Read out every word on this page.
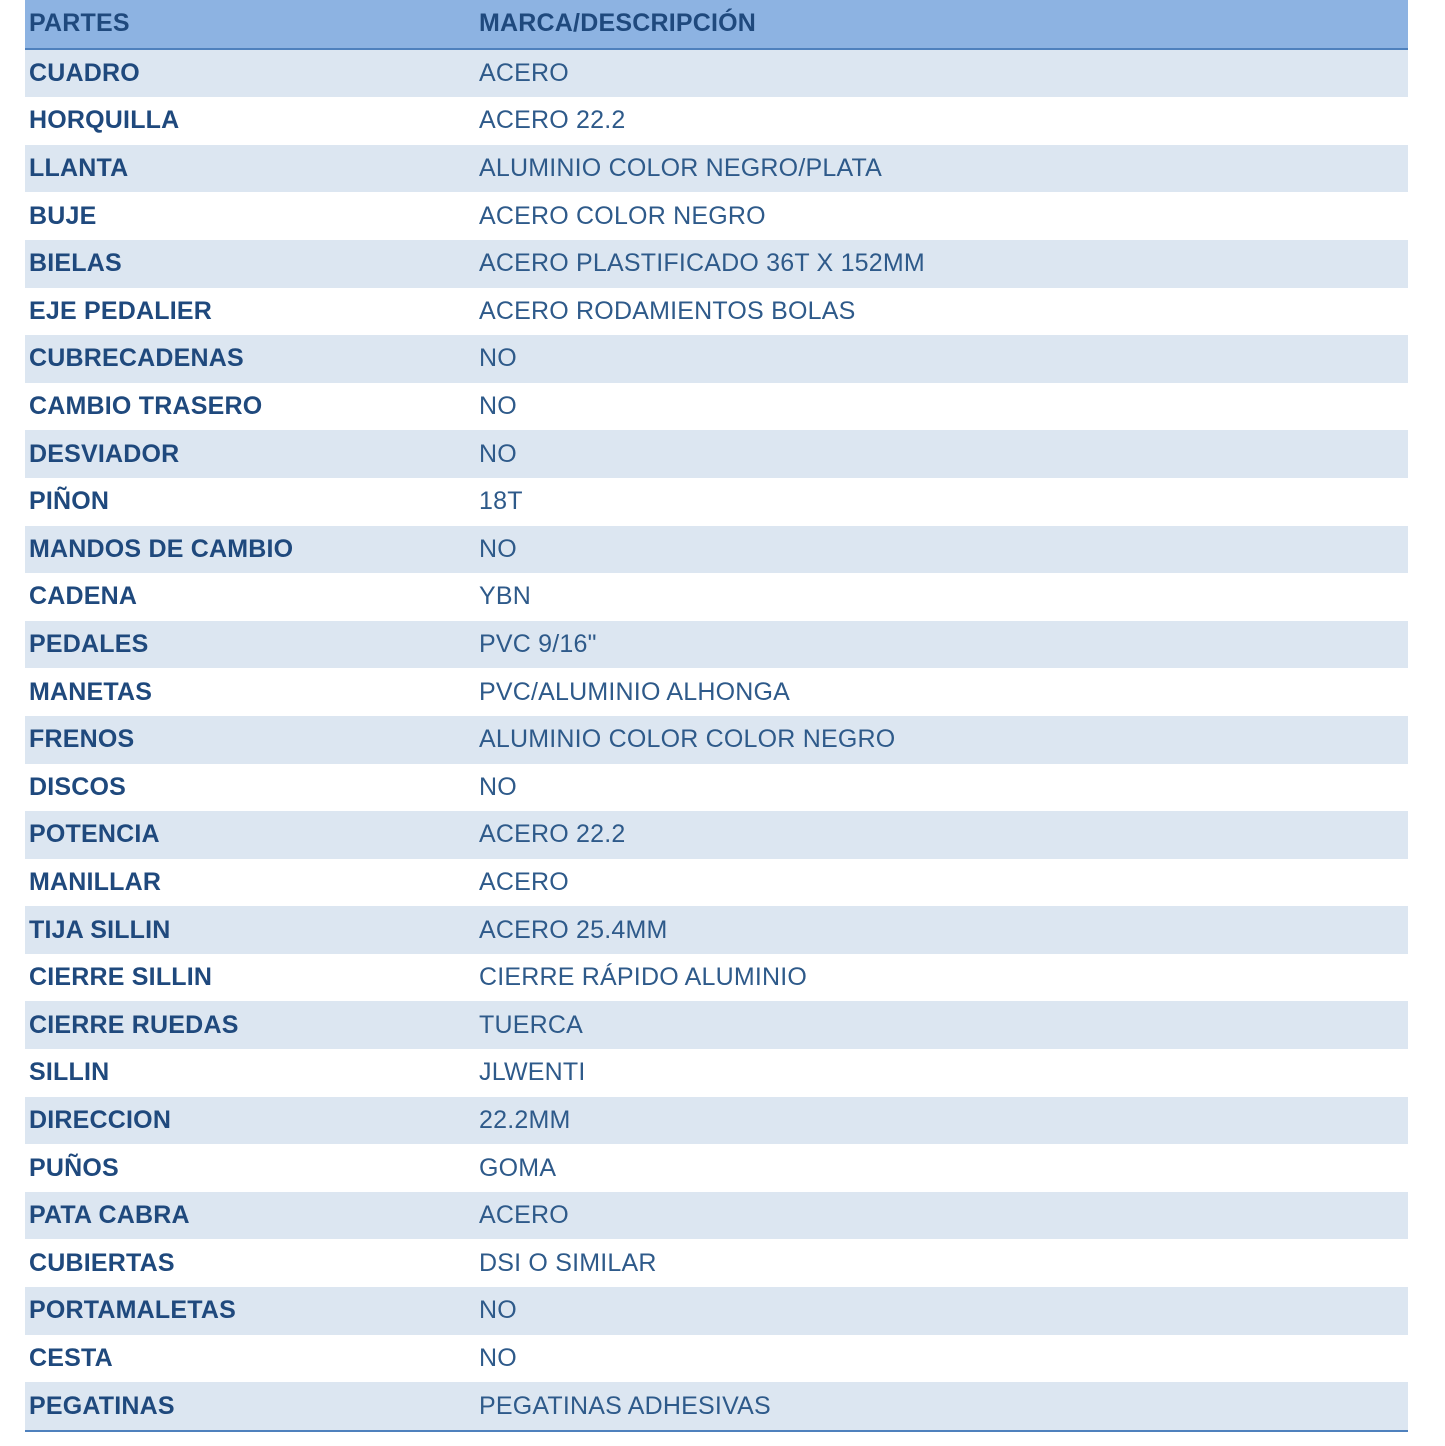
PARTES	MARCA/DESCRIPCIÓN
CUADRO	ACERO
HORQUILLA	ACERO 22.2
LLANTA	ALUMINIO COLOR NEGRO/PLATA
BUJE	ACERO COLOR NEGRO
BIELAS	ACERO PLASTIFICADO 36T X 152MM
EJE PEDALIER	ACERO RODAMIENTOS BOLAS
CUBRECADENAS	NO
CAMBIO TRASERO	NO
DESVIADOR	NO
PIÑON	18T
MANDOS DE CAMBIO	NO
CADENA	YBN
PEDALES	PVC 9/16"
MANETAS	PVC/ALUMINIO ALHONGA
FRENOS	ALUMINIO COLOR COLOR NEGRO
DISCOS	NO
POTENCIA	ACERO 22.2
MANILLAR	ACERO
TIJA SILLIN	ACERO 25.4MM
CIERRE SILLIN	CIERRE RÁPIDO ALUMINIO
CIERRE RUEDAS	TUERCA
SILLIN	JLWENTI
DIRECCION	22.2MM
PUÑOS	GOMA
PATA CABRA	ACERO
CUBIERTAS	DSI O SIMILAR
PORTAMALETAS	NO
CESTA	NO
PEGATINAS	PEGATINAS ADHESIVAS
